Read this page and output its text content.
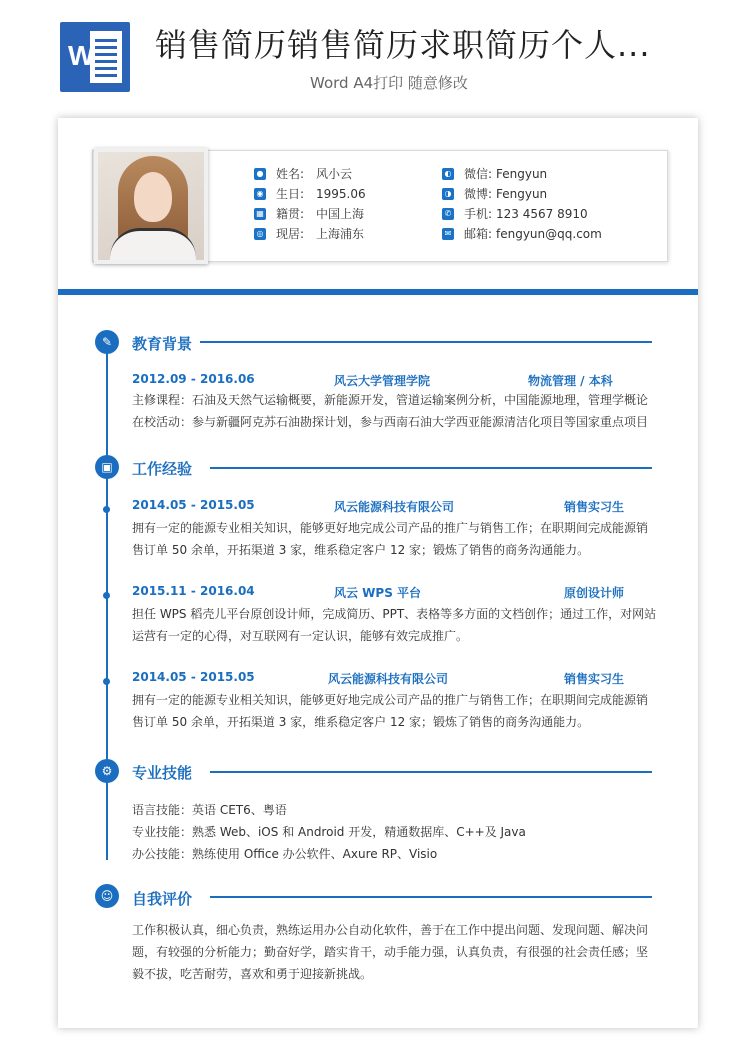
W 销售简历销售简历求职简历个人...
Word A4打印 随意修改
● 姓名: 风小云
◉ 生日: 1995.06
▦ 籍贯: 中国上海
◎ 现居: 上海浦东
◐ 微信: Fengyun
◑ 微博: Fengyun
✆ 手机: 123 4567 8910
✉ 邮箱: fengyun@qq.com
✎	教育背景
2012.09 - 2016.06	风云大学管理学院	物流管理 / 本科
主修课程：石油及天然气运输概要，新能源开发，管道运输案例分析，中国能源地理，管理学概论
在校活动：参与新疆阿克苏石油勘探计划，参与西南石油大学西亚能源清洁化项目等国家重点项目
▣	工作经验
2014.05 - 2015.05	风云能源科技有限公司	销售实习生
拥有一定的能源专业相关知识，能够更好地完成公司产品的推广与销售工作；在职期间完成能源销
售订单 50 余单，开拓渠道 3 家，维系稳定客户 12 家；锻炼了销售的商务沟通能力。
2015.11 - 2016.04	风云 WPS 平台	原创设计师
担任 WPS 稻壳儿平台原创设计师，完成简历、PPT、表格等多方面的文档创作；通过工作，对网站
运营有一定的心得，对互联网有一定认识，能够有效完成推广。
2014.05 - 2015.05	风云能源科技有限公司	销售实习生
拥有一定的能源专业相关知识，能够更好地完成公司产品的推广与销售工作；在职期间完成能源销
售订单 50 余单，开拓渠道 3 家，维系稳定客户 12 家；锻炼了销售的商务沟通能力。
⚙	专业技能
语言技能：英语 CET6、粤语
专业技能：熟悉 Web、iOS 和 Android 开发，精通数据库、C++及 Java
办公技能：熟练使用 Office 办公软件、Axure RP、Visio
☺	自我评价
工作积极认真，细心负责，熟练运用办公自动化软件，善于在工作中提出问题、发现问题、解决问
题，有较强的分析能力；勤奋好学，踏实肯干，动手能力强，认真负责，有很强的社会责任感；坚
毅不拔，吃苦耐劳，喜欢和勇于迎接新挑战。
